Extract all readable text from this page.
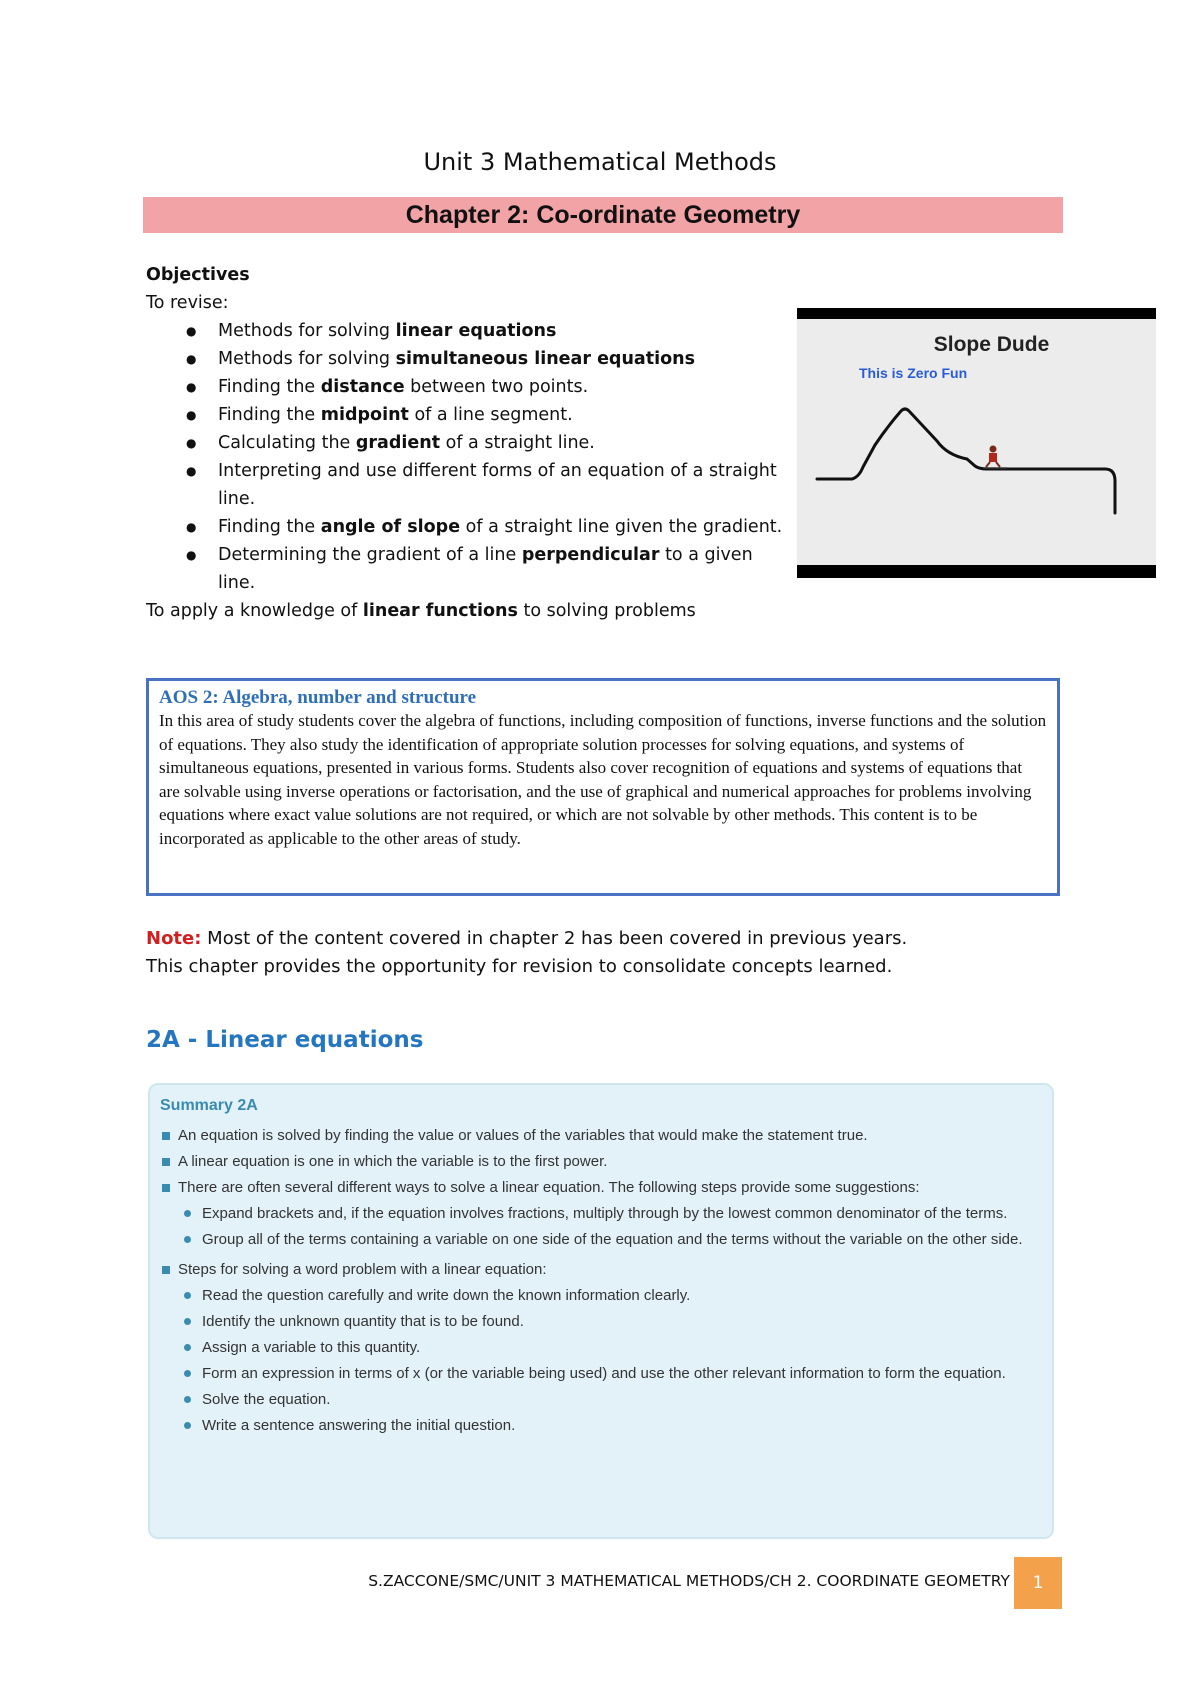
Unit 3 Mathematical Methods
Chapter 2: Co-ordinate Geometry
Objectives
To revise:
● Methods for solving linear equations
● Methods for solving simultaneous linear equations
● Finding the distance between two points.
● Finding the midpoint of a line segment.
● Calculating the gradient of a straight line.
● Interpreting and use different forms of an equation of a straight line.
● Finding the angle of slope of a straight line given the gradient.
● Determining the gradient of a line perpendicular to a given line.
To apply a knowledge of linear functions to solving problems
Slope Dude
This is Zero Fun
AOS 2: Algebra, number and structure
In this area of study students cover the algebra of functions, including composition of functions, inverse functions and the solution of equations. They also study the identification of appropriate solution processes for solving equations, and systems of simultaneous equations, presented in various forms. Students also cover recognition of equations and systems of equations that are solvable using inverse operations or factorisation, and the use of graphical and numerical approaches for problems involving equations where exact value solutions are not required, or which are not solvable by other methods. This content is to be incorporated as applicable to the other areas of study.
Note: Most of the content covered in chapter 2 has been covered in previous years.
This chapter provides the opportunity for revision to consolidate concepts learned.
2A - Linear equations
Summary 2A
An equation is solved by finding the value or values of the variables that would make the statement true.
A linear equation is one in which the variable is to the first power.
There are often several different ways to solve a linear equation. The following steps provide some suggestions:
Expand brackets and, if the equation involves fractions, multiply through by the lowest common denominator of the terms.
Group all of the terms containing a variable on one side of the equation and the terms without the variable on the other side.
Steps for solving a word problem with a linear equation:
Read the question carefully and write down the known information clearly.
Identify the unknown quantity that is to be found.
Assign a variable to this quantity.
Form an expression in terms of x (or the variable being used) and use the other relevant information to form the equation.
Solve the equation.
Write a sentence answering the initial question.
S.ZACCONE/SMC/UNIT 3 MATHEMATICAL METHODS/CH 2. COORDINATE GEOMETRY	1
